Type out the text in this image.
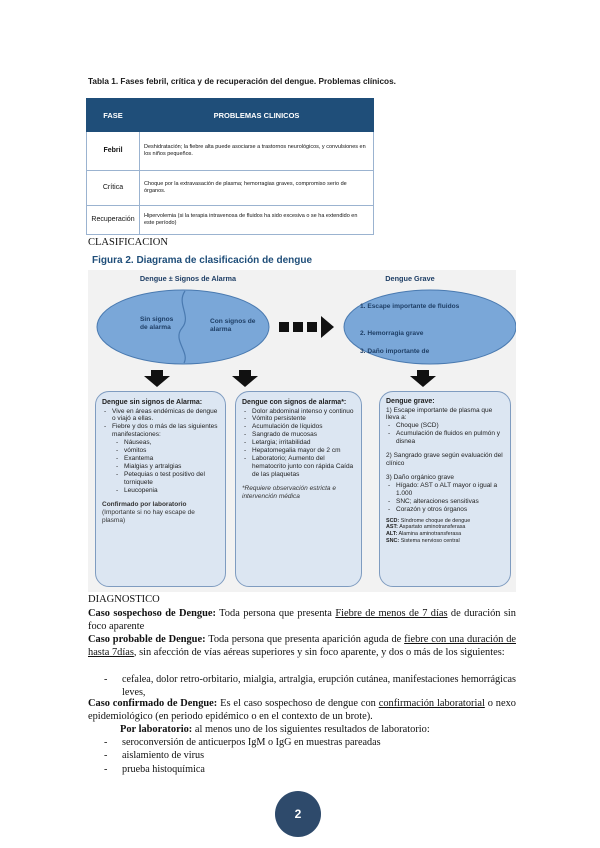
Tabla 1. Fases febril, crítica y de recuperación del dengue. Problemas clínicos.
FASE	PROBLEMAS CLINICOS
Febril	Deshidratación; la fiebre alta puede asociarse a trastornos neurológicos, y convulsiones en los niños pequeños.
Crítica	Choque por la extravasación de plasma; hemorragias graves, compromiso serio de órganos.
Recuperación	Hipervolemia (si la terapia intravenosa de fluidos ha sido excesiva o se ha extendido en este período)
CLASIFICACION
Figura 2. Diagrama de clasificación de dengue
Dengue ± Signos de Alarma	Dengue Grave
Sin signos de alarma
Con signos de alarma
1. Escape importante de fluidos
2. Hemorragia grave
3. Daño importante de
Dengue sin signos de Alarma:
- Vive en áreas endémicas de dengue o viajó a ellas.
- Fiebre y dos o más de las siguientes manifestaciones:
- Náuseas,
- vómitos
- Exantema
- Mialgias y artralgias
- Petequias o test positivo del torniquete
- Leucopenia
Confirmado por laboratorio
(Importante si no hay escape de plasma)
Dengue con signos de alarma*:
- Dolor abdominal intenso y continuo
- Vómito persistente
- Acumulación de líquidos
- Sangrado de mucosas
- Letargia; irritabilidad
- Hepatomegalia mayor de 2 cm
- Laboratorio; Aumento del hematocrito junto con rápida Caída de las plaquetas
*Requiere observación estricta e intervención médica
Dengue grave:
1) Escape importante de plasma que lleva a:
- Choque (SCD)
- Acumulación de fluidos en pulmón y disnea
2) Sangrado grave según evaluación del clínico
3) Daño orgánico grave
- Hígado: AST o ALT mayor o igual a 1.000
- SNC; alteraciones sensitivas
- Corazón y otros órganos
SCD: Síndrome choque de dengue
AST: Aspartato aminotransferasa
ALT: Alamina aminotransferasa
SNC: Sistema nervioso central
DIAGNOSTICO
Caso sospechoso de Dengue: Toda persona que presenta Fiebre de menos de 7 días de duración sin foco aparente
Caso probable de Dengue: Toda persona que presenta aparición aguda de fiebre con una duración de hasta 7días, sin afección de vías aéreas superiores y sin foco aparente, y dos o más de los siguientes:
-	cefalea, dolor retro-orbitario, mialgia, artralgia, erupción cutánea, manifestaciones hemorrágicas leves,
Caso confirmado de Dengue: Es el caso sospechoso de dengue con confirmación laboratorial o nexo epidemiológico (en periodo epidémico o en el contexto de un brote).
Por laboratorio: al menos uno de los siguientes resultados de laboratorio:
-	seroconversión de anticuerpos IgM o IgG en muestras pareadas
-	aislamiento de virus
-	prueba histoquímica
2
